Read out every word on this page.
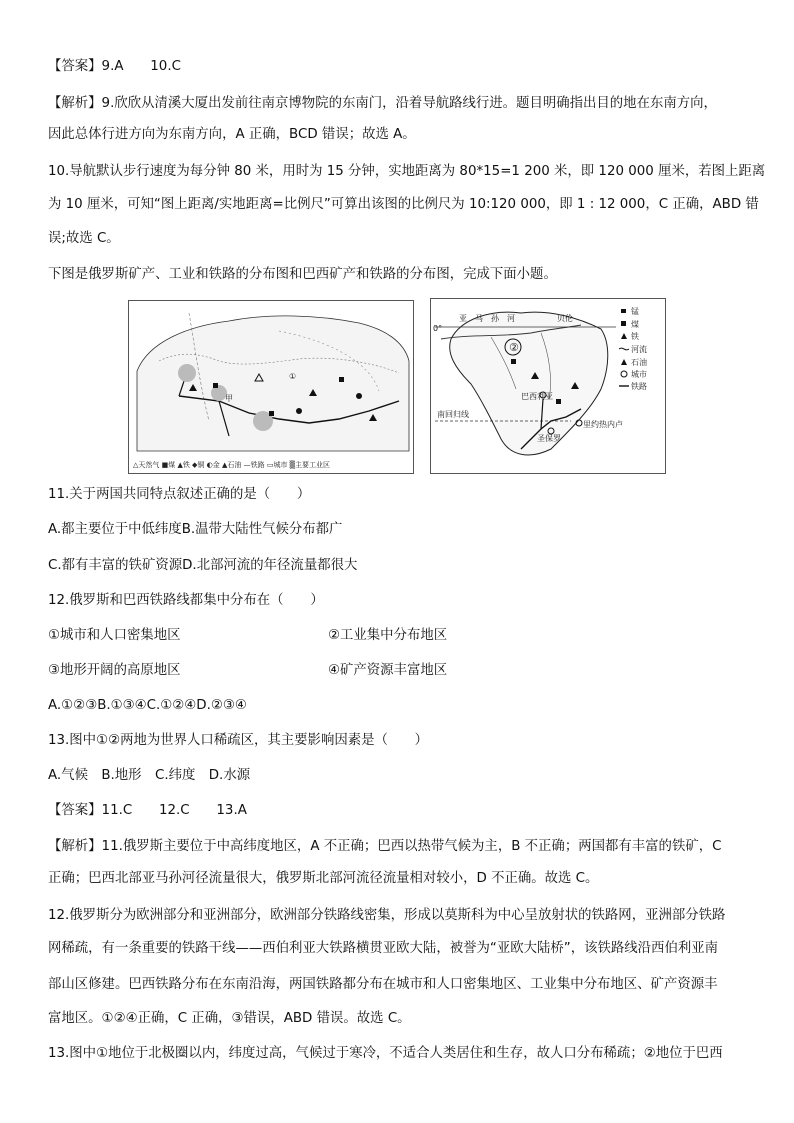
【答案】9.A　　10.C
【解析】9.欣欣从清溪大厦出发前往南京博物院的东南门，沿着导航路线行进。题目明确指出目的地在东南方向，
因此总体行进方向为东南方向，A 正确，BCD 错误；故选 A。
10.导航默认步行速度为每分钟 80 米，用时为 15 分钟，实地距离为 80*15=1 200 米，即 120 000 厘米，若图上距离
为 10 厘米，可知“图上距离/实地距离=比例尺”可算出该图的比例尺为 10:120 000，即 1 : 12 000，C 正确，ABD 错
误;故选 C。
下图是俄罗斯矿产、工业和铁路的分布图和巴西矿产和铁路的分布图，完成下面小题。
①
甲
△天然气 ■煤 ▲铁 ◆铜 ◐金 ▲石油 —铁路 ▭城市 ▒主要工业区
0°
亚　马　孙　河
②
贝伦
巴西利亚
南回归线
里约热内卢
圣保罗
锰
煤
铁
河流
石油
城市
铁路
11.关于两国共同特点叙述正确的是（　　）
A.都主要位于中低纬度B.温带大陆性气候分布都广
C.都有丰富的铁矿资源D.北部河流的年径流量都很大
12.俄罗斯和巴西铁路线都集中分布在（　　）
①城市和人口密集地区	②工业集中分布地区
③地形开阔的高原地区	④矿产资源丰富地区
A.①②③B.①③④C.①②④D.②③④
13.图中①②两地为世界人口稀疏区，其主要影响因素是（　　）
A.气候　B.地形　C.纬度　D.水源
【答案】11.C　　12.C　　13.A
【解析】11.俄罗斯主要位于中高纬度地区，A 不正确；巴西以热带气候为主，B 不正确；两国都有丰富的铁矿，C
正确；巴西北部亚马孙河径流量很大，俄罗斯北部河流径流量相对较小，D 不正确。故选 C。
12.俄罗斯分为欧洲部分和亚洲部分，欧洲部分铁路线密集，形成以莫斯科为中心呈放射状的铁路网，亚洲部分铁路
网稀疏，有一条重要的铁路干线——西伯利亚大铁路横贯亚欧大陆，被誉为“亚欧大陆桥”，该铁路线沿西伯利亚南
部山区修建。巴西铁路分布在东南沿海，两国铁路都分布在城市和人口密集地区、工业集中分布地区、矿产资源丰
富地区。①②④正确，C 正确，③错误，ABD 错误。故选 C。
13.图中①地位于北极圈以内，纬度过高，气候过于寒冷，不适合人类居住和生存，故人口分布稀疏；②地位于巴西
